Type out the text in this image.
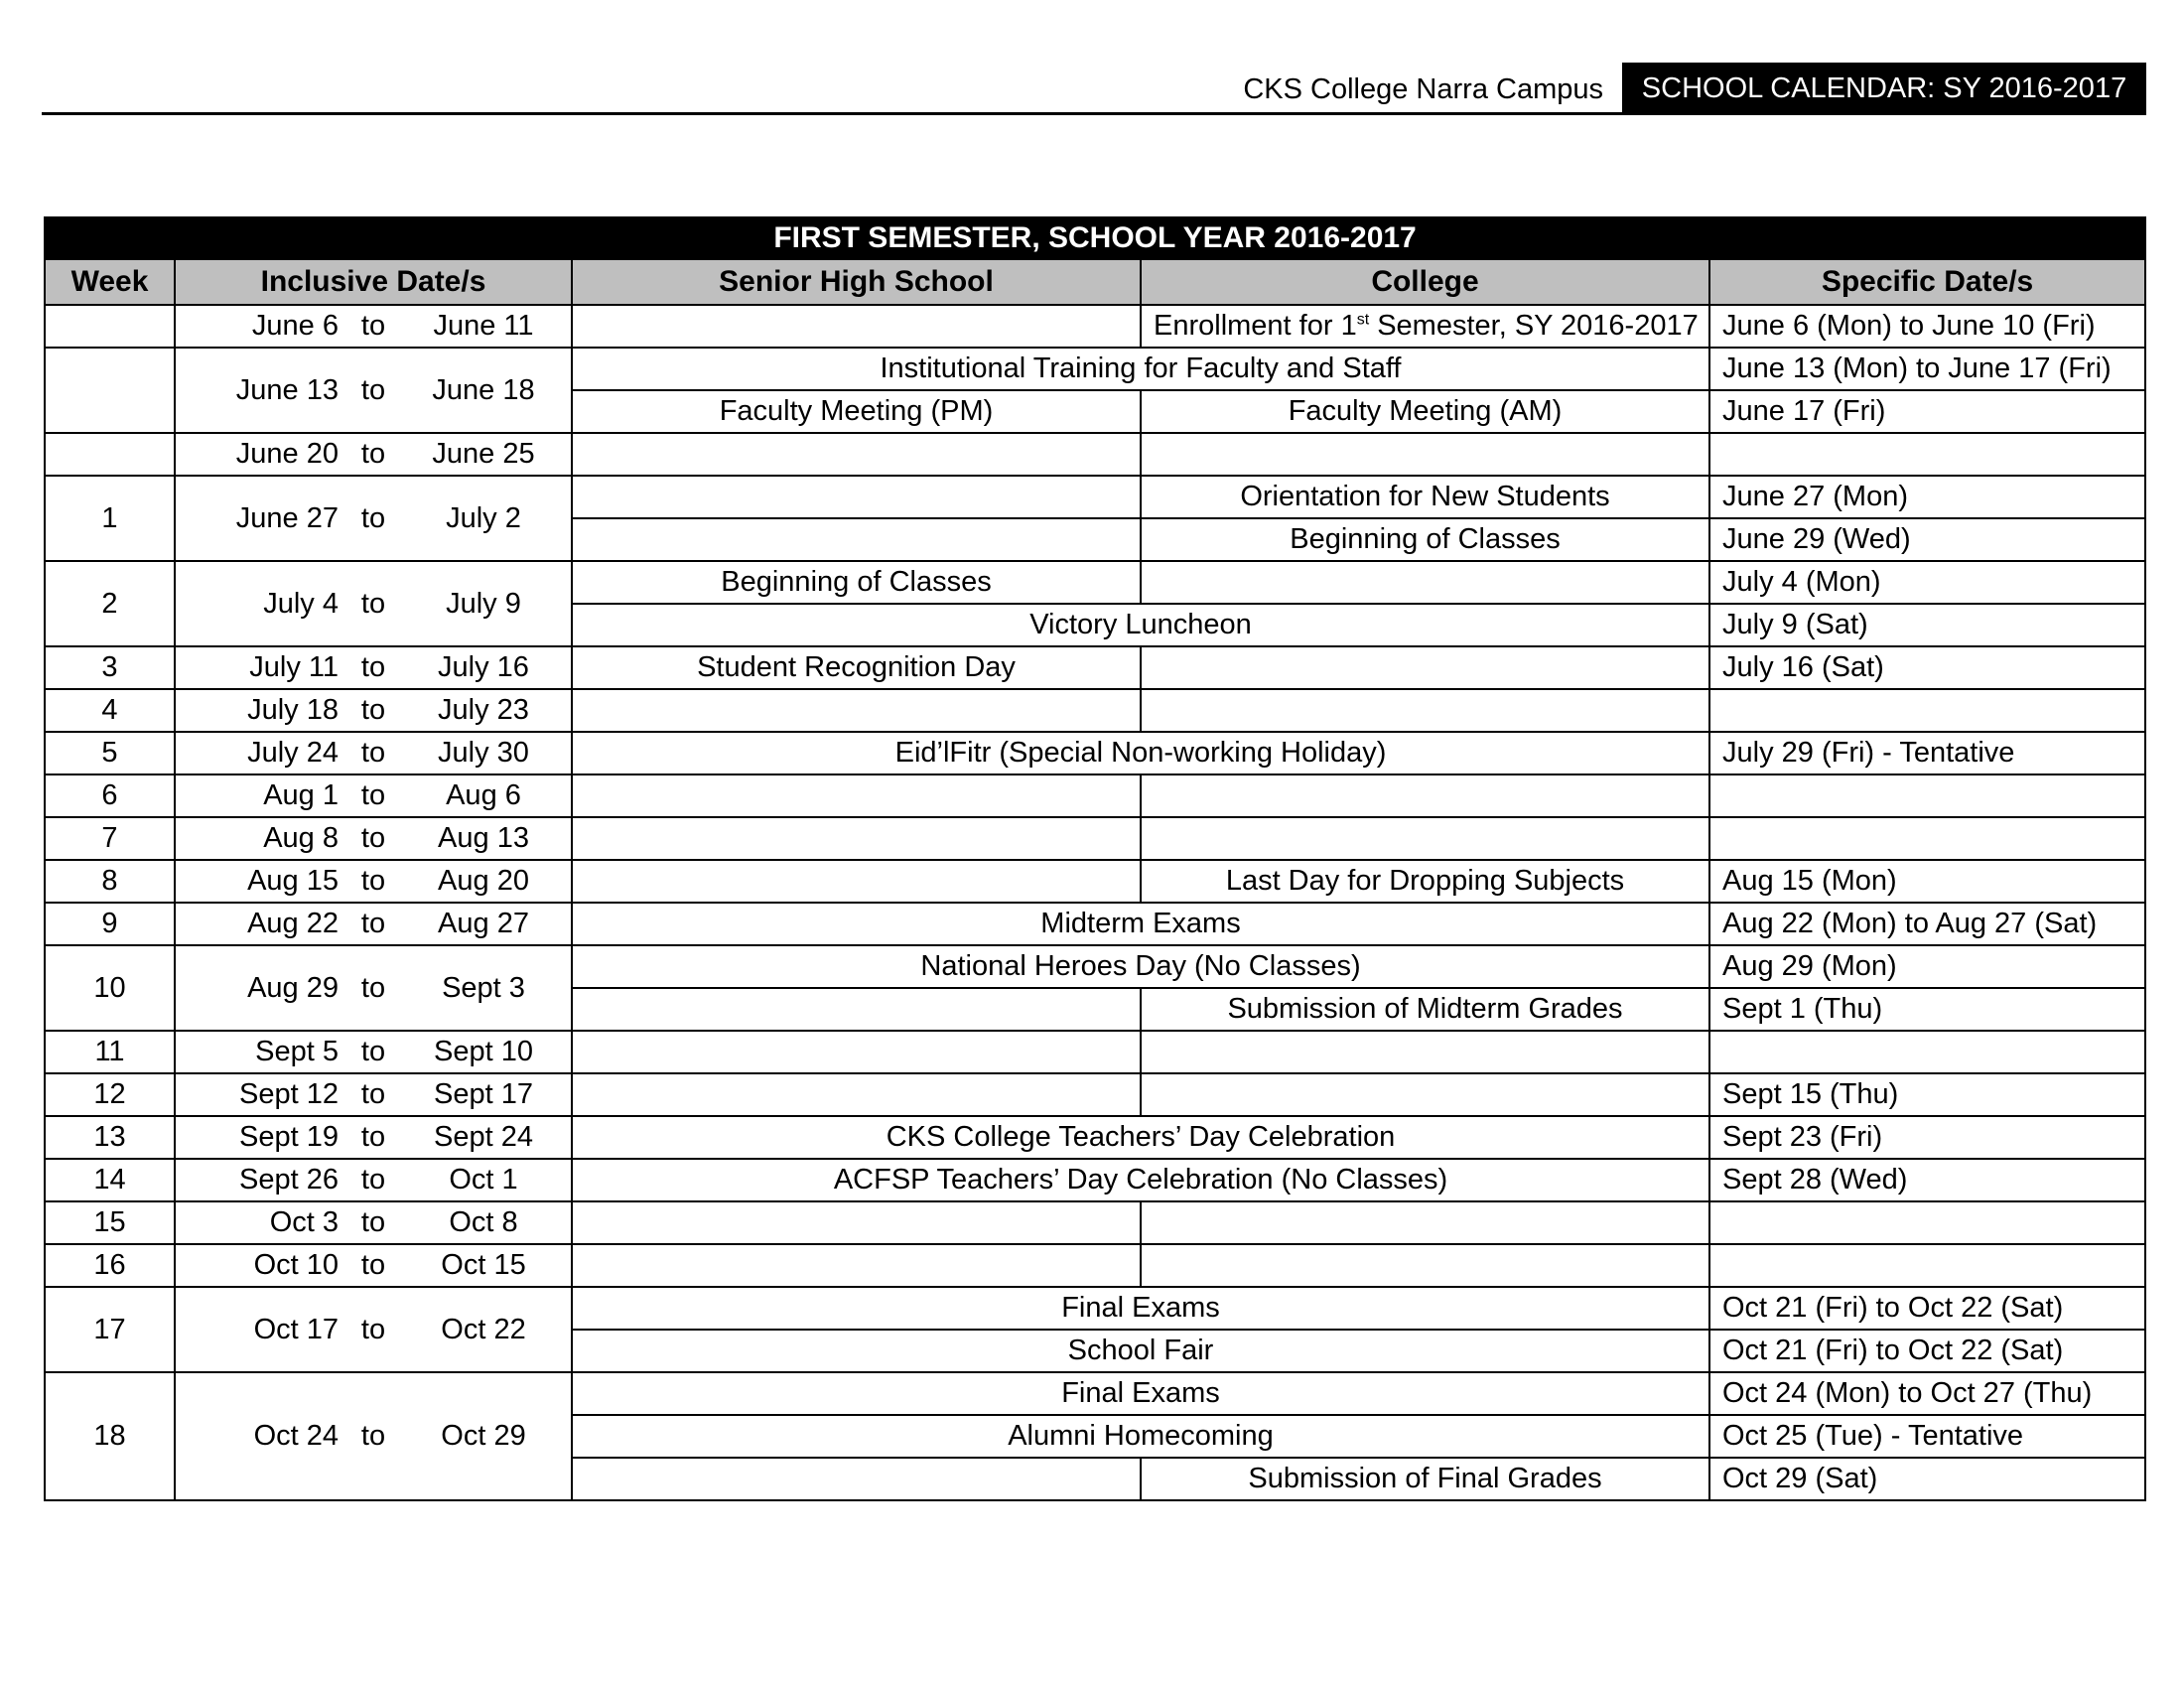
CKS College Narra Campus	SCHOOL CALENDAR: SY 2016-2017
FIRST SEMESTER, SCHOOL YEAR 2016-2017				
Week	Inclusive Date/s	Senior High School	College	Specific Date/s

	June 6 to June 11		Enrollment for 1st Semester, SY 2016-2017	June 6 (Mon) to June 10 (Fri)

	June 13 to June 18	Institutional Training for Faculty and Staff		June 13 (Mon) to June 17 (Fri)
		Faculty Meeting (PM)	Faculty Meeting (AM)	June 17 (Fri)

	June 20 to June 25			

1	June 27 to July 2		Orientation for New Students	June 27 (Mon)
			Beginning of Classes	June 29 (Wed)
2	July 4 to July 9	Beginning of Classes		July 4 (Mon)
		Victory Luncheon		July 9 (Sat)
3	July 11 to July 16	Student Recognition Day		July 16 (Sat)
4	July 18 to July 23			

5	July 24 to July 30	Eid’lFitr (Special Non-working Holiday)		July 29 (Fri) - Tentative
6	Aug 1 to Aug 6			

7	Aug 8 to Aug 13			

8	Aug 15 to Aug 20		Last Day for Dropping Subjects	Aug 15 (Mon)
9	Aug 22 to Aug 27	Midterm Exams		Aug 22 (Mon) to Aug 27 (Sat)
10	Aug 29 to Sept 3	National Heroes Day (No Classes)		Aug 29 (Mon)
			Submission of Midterm Grades	Sept 1 (Thu)
11	Sept 5 to Sept 10			

12	Sept 12 to Sept 17			Sept 15 (Thu)
13	Sept 19 to Sept 24	CKS College Teachers’ Day Celebration		Sept 23 (Fri)
14	Sept 26 to Oct 1	ACFSP Teachers’ Day Celebration (No Classes)		Sept 28 (Wed)
15	Oct 3 to Oct 8			

16	Oct 10 to Oct 15			

17	Oct 17 to Oct 22	Final Exams		Oct 21 (Fri) to Oct 22 (Sat)
		School Fair		Oct 21 (Fri) to Oct 22 (Sat)
18	Oct 24 to Oct 29	Final Exams		Oct 24 (Mon) to Oct 27 (Thu)
		Alumni Homecoming		Oct 25 (Tue) - Tentative
			Submission of Final Grades	Oct 29 (Sat)
